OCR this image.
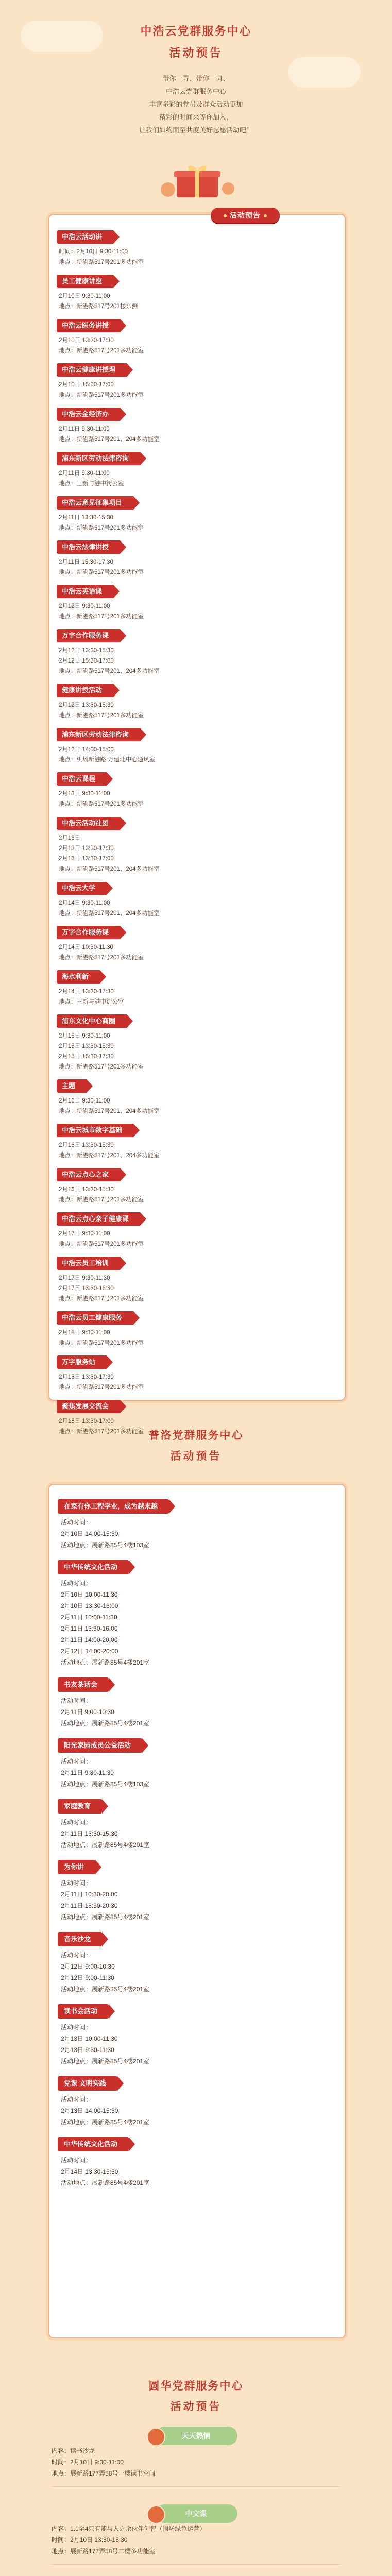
中浩云党群服务中心
活动预告
带你一寻、带你一同、
中浩云党群服务中心
丰富多彩的党员及群众活动更加
精彩的时间来等你加入，
让我们如约而至共度美好志愿活动吧！
活动预告
中浩云活动讲
时间：2月10日 9:30-11:00
地点：新港路517号201多功能室
员工健康讲座
2月10日 9:30-11:00
地点：新港路517号201楼东侧
中浩云医务讲授
2月10日 13:30-17:30
地点：新港路517号201多功能室
中浩云健康讲授理
2月10日 15:00-17:00
地点：新港路517号201多功能室
中浩云金经济办
2月11日 9:30-11:00
地点：新港路517号201、204多功能室
浦东新区劳动法律咨询
2月11日 9:30-11:00
地点：三新与港中街公室
中浩云意见征集项目
2月11日 13:30-15:30
地点：新港路517号201多功能室
中浩云法律讲授
2月11日 15:30-17:30
地点：新港路517号201多功能室
中浩云英语课
2月12日 9:30-11:00
地点：新港路517号201多功能室
万字合作服务课
2月12日 13:30-15:30
2月12日 15:30-17:00
地点：新港路517号201、204多功能室
健康讲授活动
2月12日 13:30-15:30
地点：新港路517号201多功能室
浦东新区劳动法律咨询
2月12日 14:00-15:00
地点：机场新港路 万建北中心通风室
中浩云课程
2月13日 9:30-11:00
地点：新港路517号201多功能室
中浩云活动社团
2月13日
2月13日 13:30-17:30
2月13日 13:30-17:00
地点：新港路517号201、204多功能室
中浩云大学
2月14日 9:30-11:00
地点：新港路517号201、204多功能室
万字合作服务课
2月14日 10:30-11:30
地点：新港路517号201多功能室
海水利新
2月14日 13:30-17:30
地点：三新与港中街公室
浦东文化中心商圈
2月15日 9:30-11:00
2月15日 13:30-15:30
2月15日 15:30-17:30
地点：新港路517号201多功能室
主题
2月16日 9:30-11:00
地点：新港路517号201、204多功能室
中浩云城市数字基础
2月16日 13:30-15:30
地点：新港路517号201、204多功能室
中浩云点心之家
2月16日 13:30-15:30
地点：新港路517号201多功能室
中浩云点心亲子健康课
2月17日 9:30-11:00
地点：新港路517号201多功能室
中浩云员工培训
2月17日 9:30-11:30
2月17日 13:30-16:30
地点：新港路517号201多功能室
中浩云员工健康服务
2月18日 9:30-11:00
地点：新港路517号201多功能室
万字服务站
2月18日 13:30-17:30
地点：新港路517号201多功能室
聚焦发展交流会
2月18日 13:30-17:00
地点：新港路517号201多功能室 普洛党群服务中心
活动预告
在家有你工程学业，成为越来越
活动时间：
2月10日 14:00-15:30
活动地点：展新路85号4楼103室
中华传统文化活动
活动时间：
2月10日 10:00-11:30
2月10日 13:30-16:00
2月11日 10:00-11:30
2月11日 13:30-16:00
2月11日 14:00-20:00
2月12日 14:00-20:00
活动地点：展新路85号4楼201室
书友茶话会
活动时间：
2月11日 9:00-10:30
活动地点：展新路85号4楼201室
阳光家园成员公益活动
活动时间：
2月11日 9:30-11:30
活动地点：展新路85号4楼103室
家庭教育
活动时间：
2月11日 13:30-15:30
活动地点：展新路85号4楼201室
为你讲
活动时间：
2月11日 10:30-20:00
2月11日 18:30-20:30
活动地点：展新路85号4楼201室
音乐沙龙
活动时间：
2月12日 9:00-10:30
2月12日 9:00-11:30
活动地点：展新路85号4楼201室
读书会活动
活动时间：
2月13日 10:00-11:30
2月13日 9:30-11:30
活动地点：展新路85号4楼201室
党课 文明实践
活动时间：
2月13日 14:00-15:30
活动地点：展新路85号4楼201室
中华传统文化活动
活动时间：
2月14日 13:30-15:30
活动地点：展新路85号4楼201室
圆华党群服务中心
活动预告
天天热情
内容：读书沙龙
时间：2月10日 9:30-11:00
地点：展新路177弄58号一楼读书空间
中文课
内容：1.1至4只有能与人之余伙伴创智（围场绿色运营）
时间：2月10日 13:30-15:30
地点：展新路177弄58号二楼多功能室
